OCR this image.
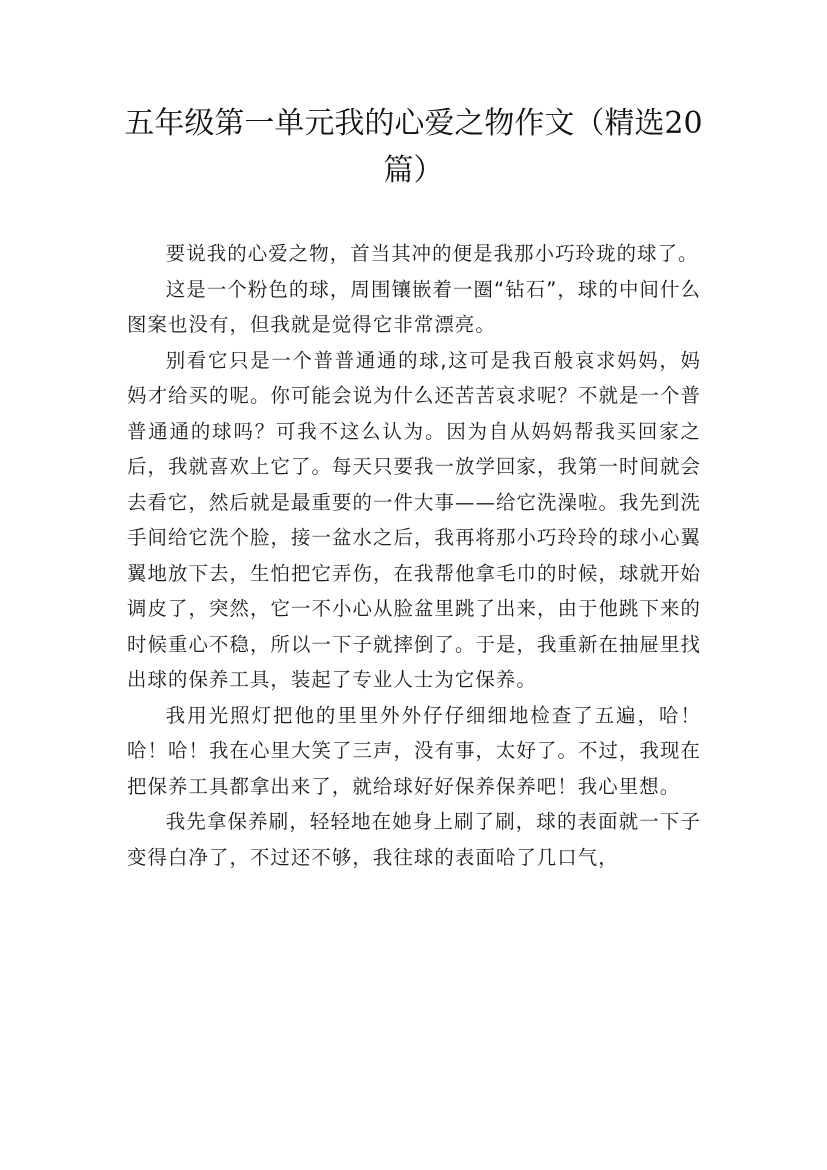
五年级第一单元我的心爱之物作文（精选20篇）

要说我的心爱之物，首当其冲的便是我那小巧玲珑的球了。

这是一个粉色的球，周围镶嵌着一圈“钻石”，球的中间什么图案也没有，但我就是觉得它非常漂亮。

别看它只是一个普普通通的球,这可是我百般哀求妈妈，妈妈才给买的呢。你可能会说为什么还苦苦哀求呢？不就是一个普普通通的球吗？可我不这么认为。因为自从妈妈帮我买回家之后，我就喜欢上它了。每天只要我一放学回家，我第一时间就会去看它，然后就是最重要的一件大事——给它洗澡啦。我先到洗手间给它洗个脸，接一盆水之后，我再将那小巧玲玲的球小心翼翼地放下去，生怕把它弄伤，在我帮他拿毛巾的时候，球就开始调皮了，突然，它一不小心从脸盆里跳了出来，由于他跳下来的时候重心不稳，所以一下子就摔倒了。于是，我重新在抽屉里找出球的保养工具，装起了专业人士为它保养。

我用光照灯把他的里里外外仔仔细细地检查了五遍，哈！哈！哈！我在心里大笑了三声，没有事，太好了。不过，我现在把保养工具都拿出来了，就给球好好保养保养吧！我心里想。

我先拿保养刷，轻轻地在她身上刷了刷，球的表面就一下子变得白净了，不过还不够，我往球的表面哈了几口气，
